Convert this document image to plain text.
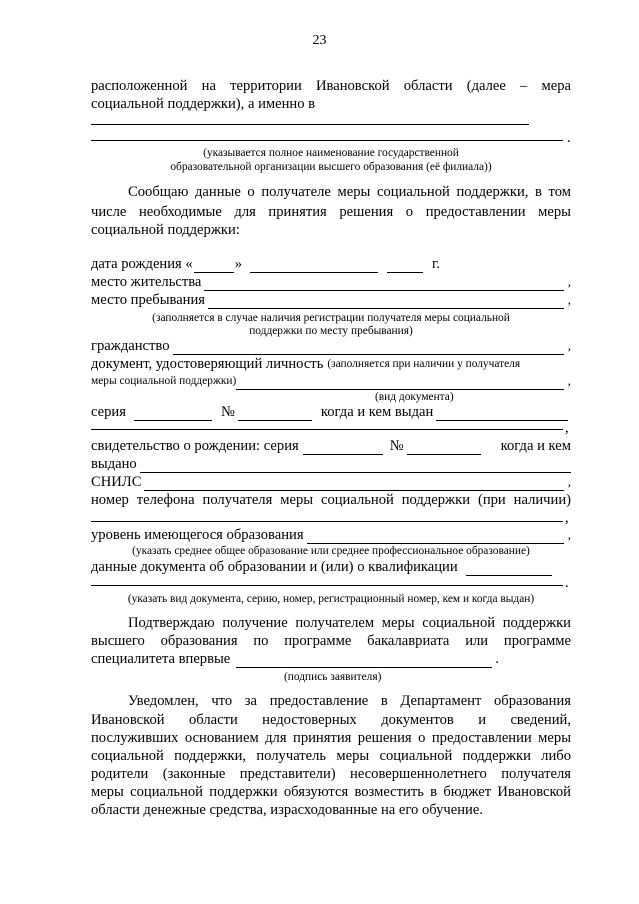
23
расположенной на территории Ивановской области (далее – мера
социальной поддержки), а именно в
.
(указывается полное наименование государственной
образовательной организации высшего образования (её филиала))
Сообщаю данные о получателе меры социальной поддержки, в том
числе необходимые для принятия решения о предоставлении меры
социальной поддержки:
дата рождения «	»	г.
место жительства	,
место пребывания	,
(заполняется в случае наличия регистрации получателя меры социальной
поддержки по месту пребывания)
гражданство	,
документ, удостоверяющий личность (заполняется при наличии у получателя
меры социальной поддержки)	,
(вид документа)
серия	№	когда и кем выдан
,
свидетельство о рождении: серия	№	когда и кем
выдано
СНИЛС	,
номер телефона получателя меры социальной поддержки (при наличии)
,
уровень имеющегося образования	,
(указать среднее общее образование или среднее профессиональное образование)
данные документа об образовании и (или) о квалификации
.
(указать вид документа, серию, номер, регистрационный номер, кем и когда выдан)
Подтверждаю получение получателем меры социальной поддержки
высшего образования по программе бакалавриата или программе
специалитета впервые	.
(подпись заявителя)
Уведомлен, что за предоставление в Департамент образования
Ивановской области недостоверных документов и сведений,
послуживших основанием для принятия решения о предоставлении меры
социальной поддержки, получатель меры социальной поддержки либо
родители (законные представители) несовершеннолетнего получателя
меры социальной поддержки обязуются возместить в бюджет Ивановской
области денежные средства, израсходованные на его обучение.
